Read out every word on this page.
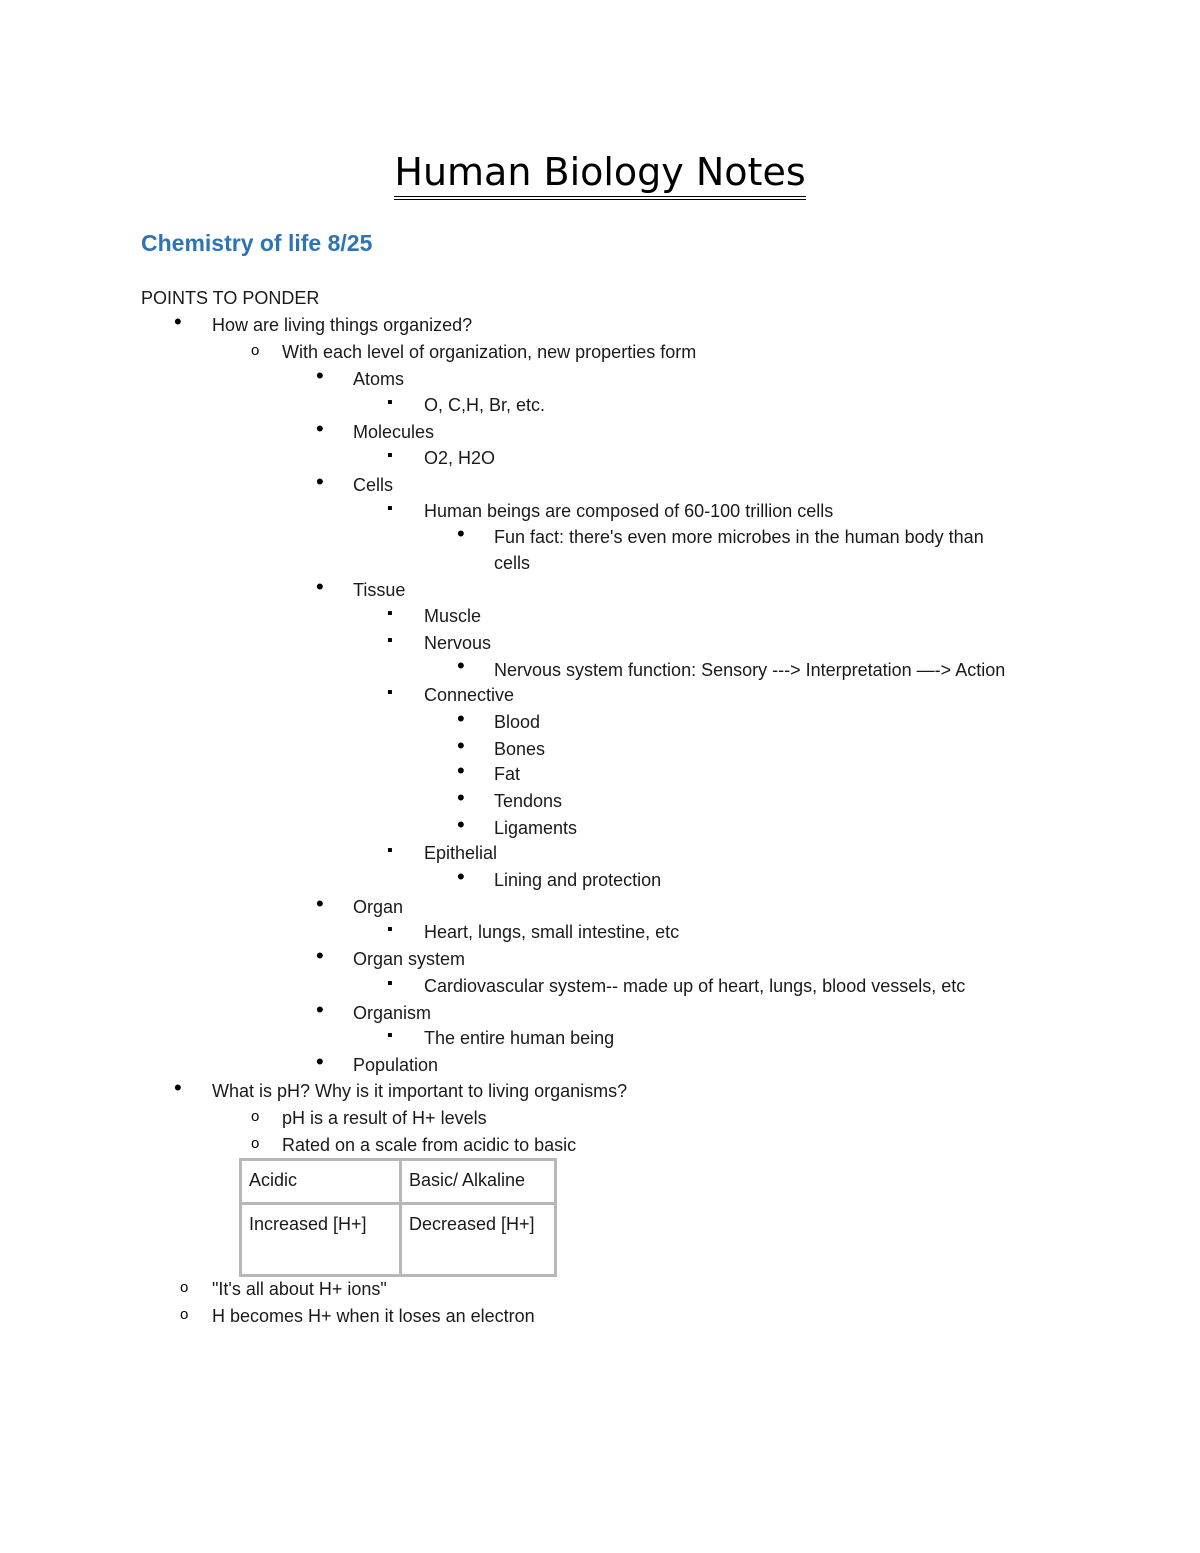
Human Biology Notes
Chemistry of life 8/25
POINTS TO PONDER
•
How are living things organized?
o
With each level of organization, new properties form
•
Atoms
▪
O, C,H, Br, etc.
•
Molecules
▪
O2, H2O
•
Cells
▪
Human beings are composed of 60-100 trillion cells
•
Fun fact: there's even more microbes in the human body than
cells
•
Tissue
▪
Muscle
▪
Nervous
•
Nervous system function: Sensory ---> Interpretation —-> Action
▪
Connective
•
Blood
•
Bones
•
Fat
•
Tendons
•
Ligaments
▪
Epithelial
•
Lining and protection
•
Organ
▪
Heart, lungs, small intestine, etc
•
Organ system
▪
Cardiovascular system-- made up of heart, lungs, blood vessels, etc
•
Organism
▪
The entire human being
•
Population
•
What is pH? Why is it important to living organisms?
o
pH is a result of H+ levels
o
Rated on a scale from acidic to basic
Acidic	Basic/ Alkaline
Increased [H+]	Decreased [H+]
o
"It's all about H+ ions"
o
H becomes H+ when it loses an electron
